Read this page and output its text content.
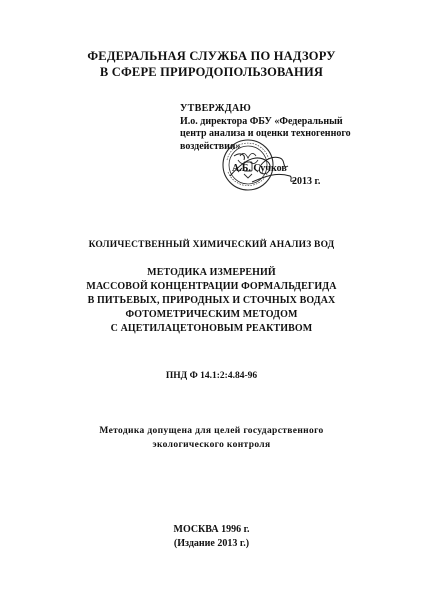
ФЕДЕРАЛЬНАЯ СЛУЖБА ПО НАДЗОРУ
В СФЕРЕ ПРИРОДОПОЛЬЗОВАНИЯ
УТВЕРЖДАЮ
И.о. директора ФБУ «Федеральный
центр анализа и оценки техногенного
воздействия»
А.Б. Сучков
2013 г.
КОЛИЧЕСТВЕННЫЙ ХИМИЧЕСКИЙ АНАЛИЗ ВОД
МЕТОДИКА ИЗМЕРЕНИЙ
МАССОВОЙ КОНЦЕНТРАЦИИ ФОРМАЛЬДЕГИДА
В ПИТЬЕВЫХ, ПРИРОДНЫХ И СТОЧНЫХ ВОДАХ
ФОТОМЕТРИЧЕСКИМ МЕТОДОМ
С АЦЕТИЛАЦЕТОНОВЫМ РЕАКТИВОМ
ПНД Ф 14.1:2:4.84-96
Методика допущена для целей государственного
экологического контроля
МОСКВА 1996 г.
(Издание 2013 г.)
